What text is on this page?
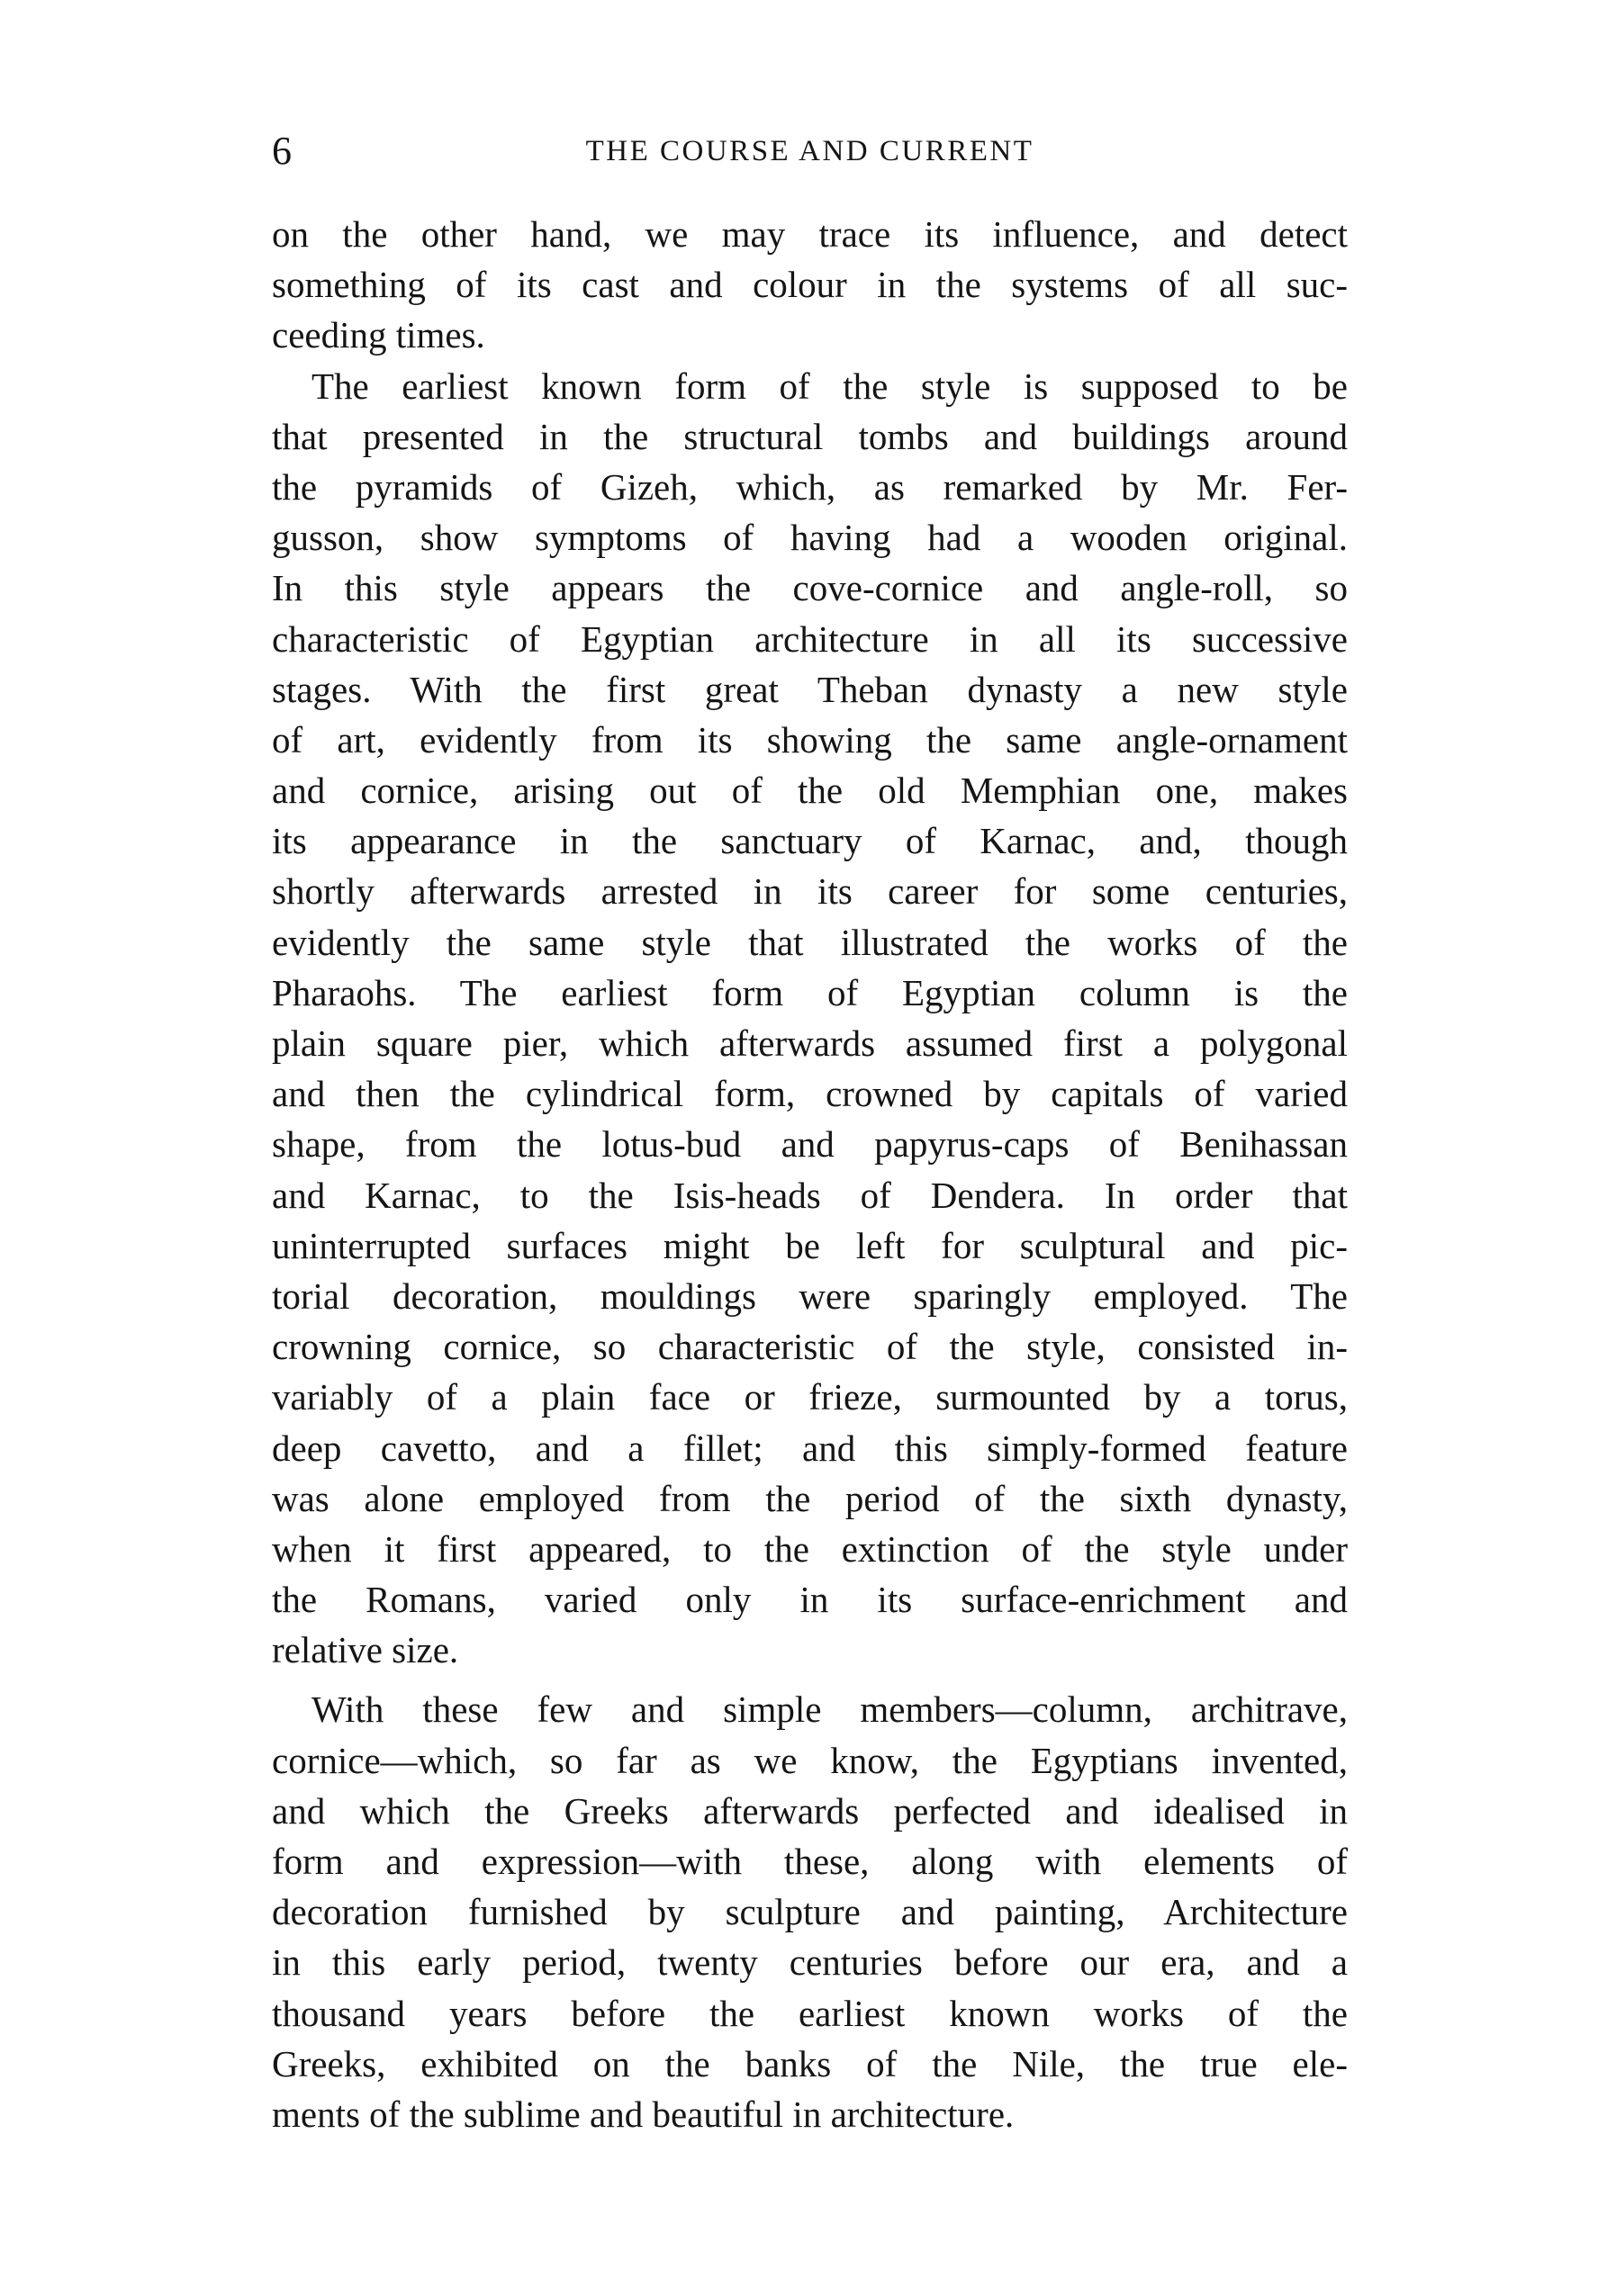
6	THE COURSE AND CURRENT
on the other hand, we may trace its influence, and detect
something of its cast and colour in the systems of all suc-
ceeding times.
The earliest known form of the style is supposed to be
that presented in the structural tombs and buildings around
the pyramids of Gizeh, which, as remarked by Mr. Fer-
gusson, show symptoms of having had a wooden original.
In this style appears the cove-cornice and angle-roll, so
characteristic of Egyptian architecture in all its successive
stages. With the first great Theban dynasty a new style
of art, evidently from its showing the same angle-ornament
and cornice, arising out of the old Memphian one, makes
its appearance in the sanctuary of Karnac, and, though
shortly afterwards arrested in its career for some centuries,
evidently the same style that illustrated the works of the
Pharaohs. The earliest form of Egyptian column is the
plain square pier, which afterwards assumed first a polygonal
and then the cylindrical form, crowned by capitals of varied
shape, from the lotus-bud and papyrus-caps of Benihassan
and Karnac, to the Isis-heads of Dendera. In order that
uninterrupted surfaces might be left for sculptural and pic-
torial decoration, mouldings were sparingly employed. The
crowning cornice, so characteristic of the style, consisted in-
variably of a plain face or frieze, surmounted by a torus,
deep cavetto, and a fillet; and this simply-formed feature
was alone employed from the period of the sixth dynasty,
when it first appeared, to the extinction of the style under
the Romans, varied only in its surface-enrichment and
relative size.
With these few and simple members—column, architrave,
cornice—which, so far as we know, the Egyptians invented,
and which the Greeks afterwards perfected and idealised in
form and expression—with these, along with elements of
decoration furnished by sculpture and painting, Architecture
in this early period, twenty centuries before our era, and a
thousand years before the earliest known works of the
Greeks, exhibited on the banks of the Nile, the true ele-
ments of the sublime and beautiful in architecture.
